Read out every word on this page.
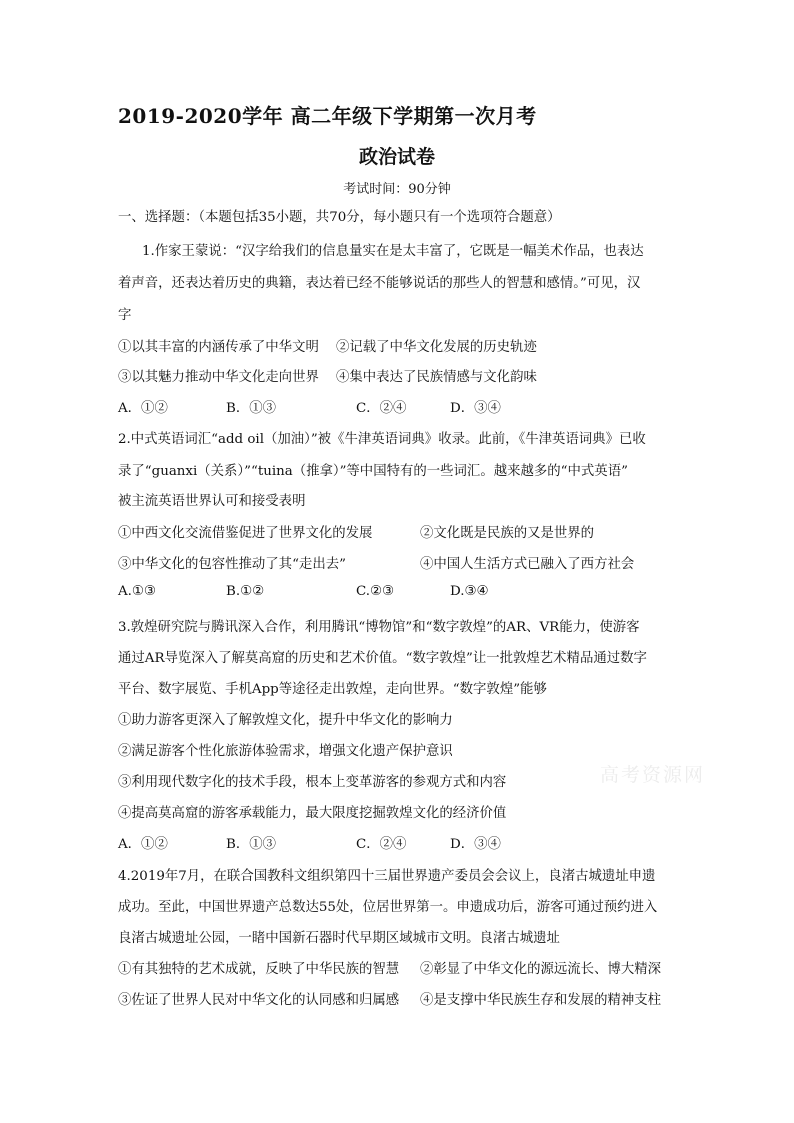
2019-2020学年 高二年级下学期第一次月考
政治试卷
考试时间：90分钟
一、选择题：（本题包括35小题，共70分，每小题只有一个选项符合题意）
1.作家王蒙说：“汉字给我们的信息量实在是太丰富了，它既是一幅美术作品，也表达
着声音，还表达着历史的典籍，表达着已经不能够说话的那些人的智慧和感情。”可见，汉
字
①以其丰富的内涵传承了中华文明 ②记载了中华文化发展的历史轨迹
③以其魅力推动中华文化走向世界 ④集中表达了民族情感与文化韵味
A．①②	B．①③	C．②④	D．③④
2.中式英语词汇“add oil（加油）”被《牛津英语词典》收录。此前，《牛津英语词典》已收
录了“guanxi（关系）”“tuina（推拿）”等中国特有的一些词汇。越来越多的“中式英语”
被主流英语世界认可和接受表明
①中西文化交流借鉴促进了世界文化的发展	②文化既是民族的又是世界的
③中华文化的包容性推动了其“走出去”	④中国人生活方式已融入了西方社会
A.①③	B.①②	C.②③	D.③④
3.敦煌研究院与腾讯深入合作，利用腾讯“博物馆”和“数字敦煌”的AR、VR能力，使游客
通过AR导览深入了解莫高窟的历史和艺术价值。“数字敦煌”让一批敦煌艺术精品通过数字
平台、数字展览、手机App等途径走出敦煌，走向世界。“数字敦煌”能够
①助力游客更深入了解敦煌文化，提升中华文化的影响力
②满足游客个性化旅游体验需求，增强文化遗产保护意识
③利用现代数字化的技术手段，根本上变革游客的参观方式和内容
④提高莫高窟的游客承载能力，最大限度挖掘敦煌文化的经济价值
A．①②	B．①③	C．②④	D．③④
4.2019年7月，在联合国教科文组织第四十三届世界遗产委员会会议上，良渚古城遗址申遗
成功。至此，中国世界遗产总数达55处，位居世界第一。申遗成功后，游客可通过预约进入
良渚古城遗址公园，一睹中国新石器时代早期区域城市文明。良渚古城遗址
①有其独特的艺术成就，反映了中华民族的智慧 ②彰显了中华文化的源远流长、博大精深
③佐证了世界人民对中华文化的认同感和归属感 ④是支撑中华民族生存和发展的精神支柱
高考资源网
